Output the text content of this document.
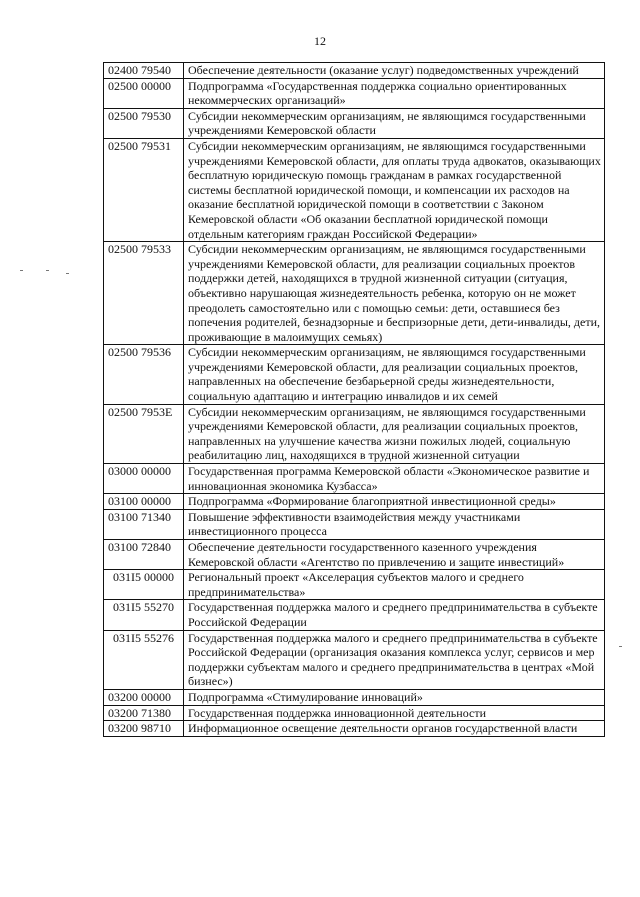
12
02400 79540	Обеспечение деятельности (оказание услуг) подведомственных учреждений
02500 00000	Подпрограмма «Государственная поддержка социально ориентированных некоммерческих организаций»
02500 79530	Субсидии некоммерческим организациям, не являющимся государственными учреждениями Кемеровской области
02500 79531	Субсидии некоммерческим организациям, не являющимся государственными учреждениями Кемеровской области, для оплаты труда адвокатов, оказывающих бесплатную юридическую помощь гражданам в рамках государственной системы бесплатной юридической помощи, и компенсации их расходов на оказание бесплатной юридической помощи в соответствии с Законом Кемеровской области «Об оказании бесплатной юридической помощи отдельным категориям граждан Российской Федерации»
02500 79533	Субсидии некоммерческим организациям, не являющимся государственными учреждениями Кемеровской области, для реализации социальных проектов поддержки детей, находящихся в трудной жизненной ситуации (ситуация, объективно нарушающая жизнедеятельность ребенка, которую он не может преодолеть самостоятельно или с помощью семьи: дети, оставшиеся без попечения родителей, безнадзорные и беспризорные дети, дети-инвалиды, дети, проживающие в малоимущих семьях)
02500 79536	Субсидии некоммерческим организациям, не являющимся государственными учреждениями Кемеровской области, для реализации социальных проектов, направленных на обеспечение безбарьерной среды жизнедеятельности, социальную адаптацию и интеграцию инвалидов и их семей
02500 7953Е	Субсидии некоммерческим организациям, не являющимся государственными учреждениями Кемеровской области, для реализации социальных проектов, направленных на улучшение качества жизни пожилых людей, социальную реабилитацию лиц, находящихся в трудной жизненной ситуации
03000 00000	Государственная программа Кемеровской области «Экономическое развитие и инновационная экономика Кузбасса»
03100 00000	Подпрограмма «Формирование благоприятной инвестиционной среды»
03100 71340	Повышение эффективности взаимодействия между участниками инвестиционного процесса
03100 72840	Обеспечение деятельности государственного казенного учреждения Кемеровской области «Агентство по привлечению и защите инвестиций»
031I5 00000	Региональный проект «Акселерация субъектов малого и среднего предпринимательства»
031I5 55270	Государственная поддержка малого и среднего предпринимательства в субъекте Российской Федерации
031I5 55276	Государственная поддержка малого и среднего предпринимательства в субъекте Российской Федерации (организация оказания комплекса услуг, сервисов и мер поддержки субъектам малого и среднего предпринимательства в центрах «Мой бизнес»)
03200 00000	Подпрограмма «Стимулирование инноваций»
03200 71380	Государственная поддержка инновационной деятельности
03200 98710	Информационное освещение деятельности органов государственной власти
